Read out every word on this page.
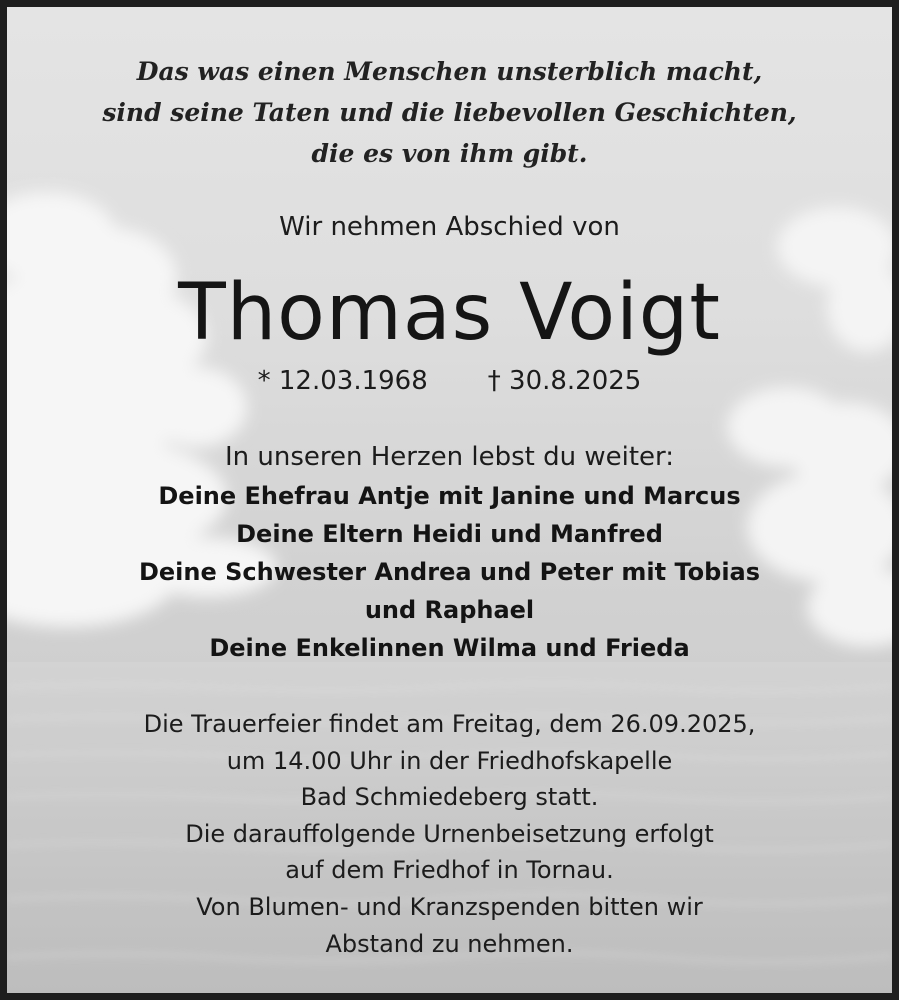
Das was einen Menschen unsterblich macht,
sind seine Taten und die liebevollen Geschichten,
die es von ihm gibt.
Wir nehmen Abschied von
Thomas Voigt
* 12.03.1968 † 30.8.2025
In unseren Herzen lebst du weiter:
Deine Ehefrau Antje mit Janine und Marcus
Deine Eltern Heidi und Manfred
Deine Schwester Andrea und Peter mit Tobias
und Raphael
Deine Enkelinnen Wilma und Frieda
Die Trauerfeier findet am Freitag, dem 26.09.2025,
um 14.00 Uhr in der Friedhofskapelle
Bad Schmiedeberg statt.
Die darauffolgende Urnenbeisetzung erfolgt
auf dem Friedhof in Tornau.
Von Blumen- und Kranzspenden bitten wir
Abstand zu nehmen.
